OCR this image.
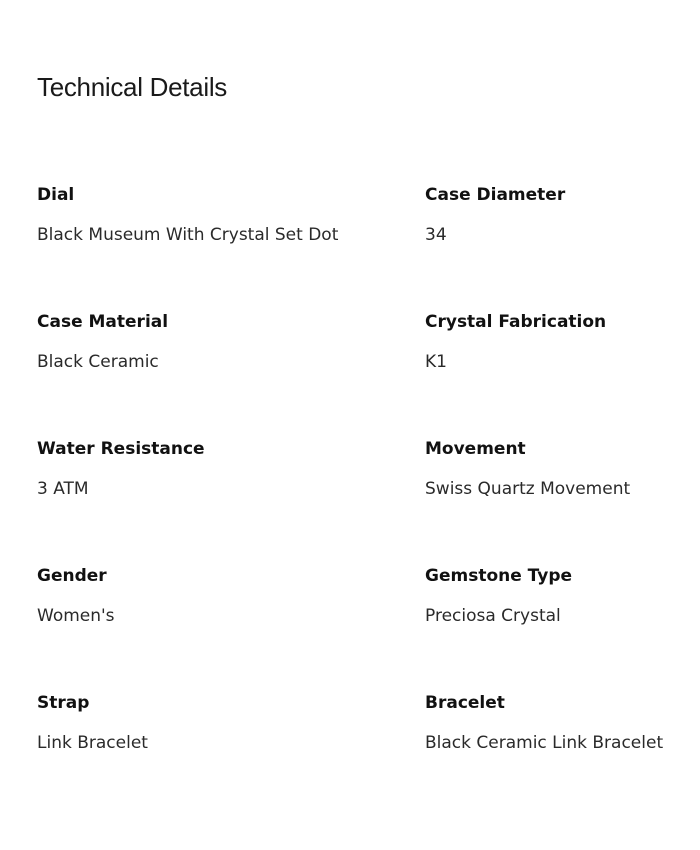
Technical Details
Dial
Black Museum With Crystal Set Dot
Case Diameter
34
Case Material
Black Ceramic
Crystal Fabrication
K1
Water Resistance
3 ATM
Movement
Swiss Quartz Movement
Gender
Women's
Gemstone Type
Preciosa Crystal
Strap
Link Bracelet
Bracelet
Black Ceramic Link Bracelet
